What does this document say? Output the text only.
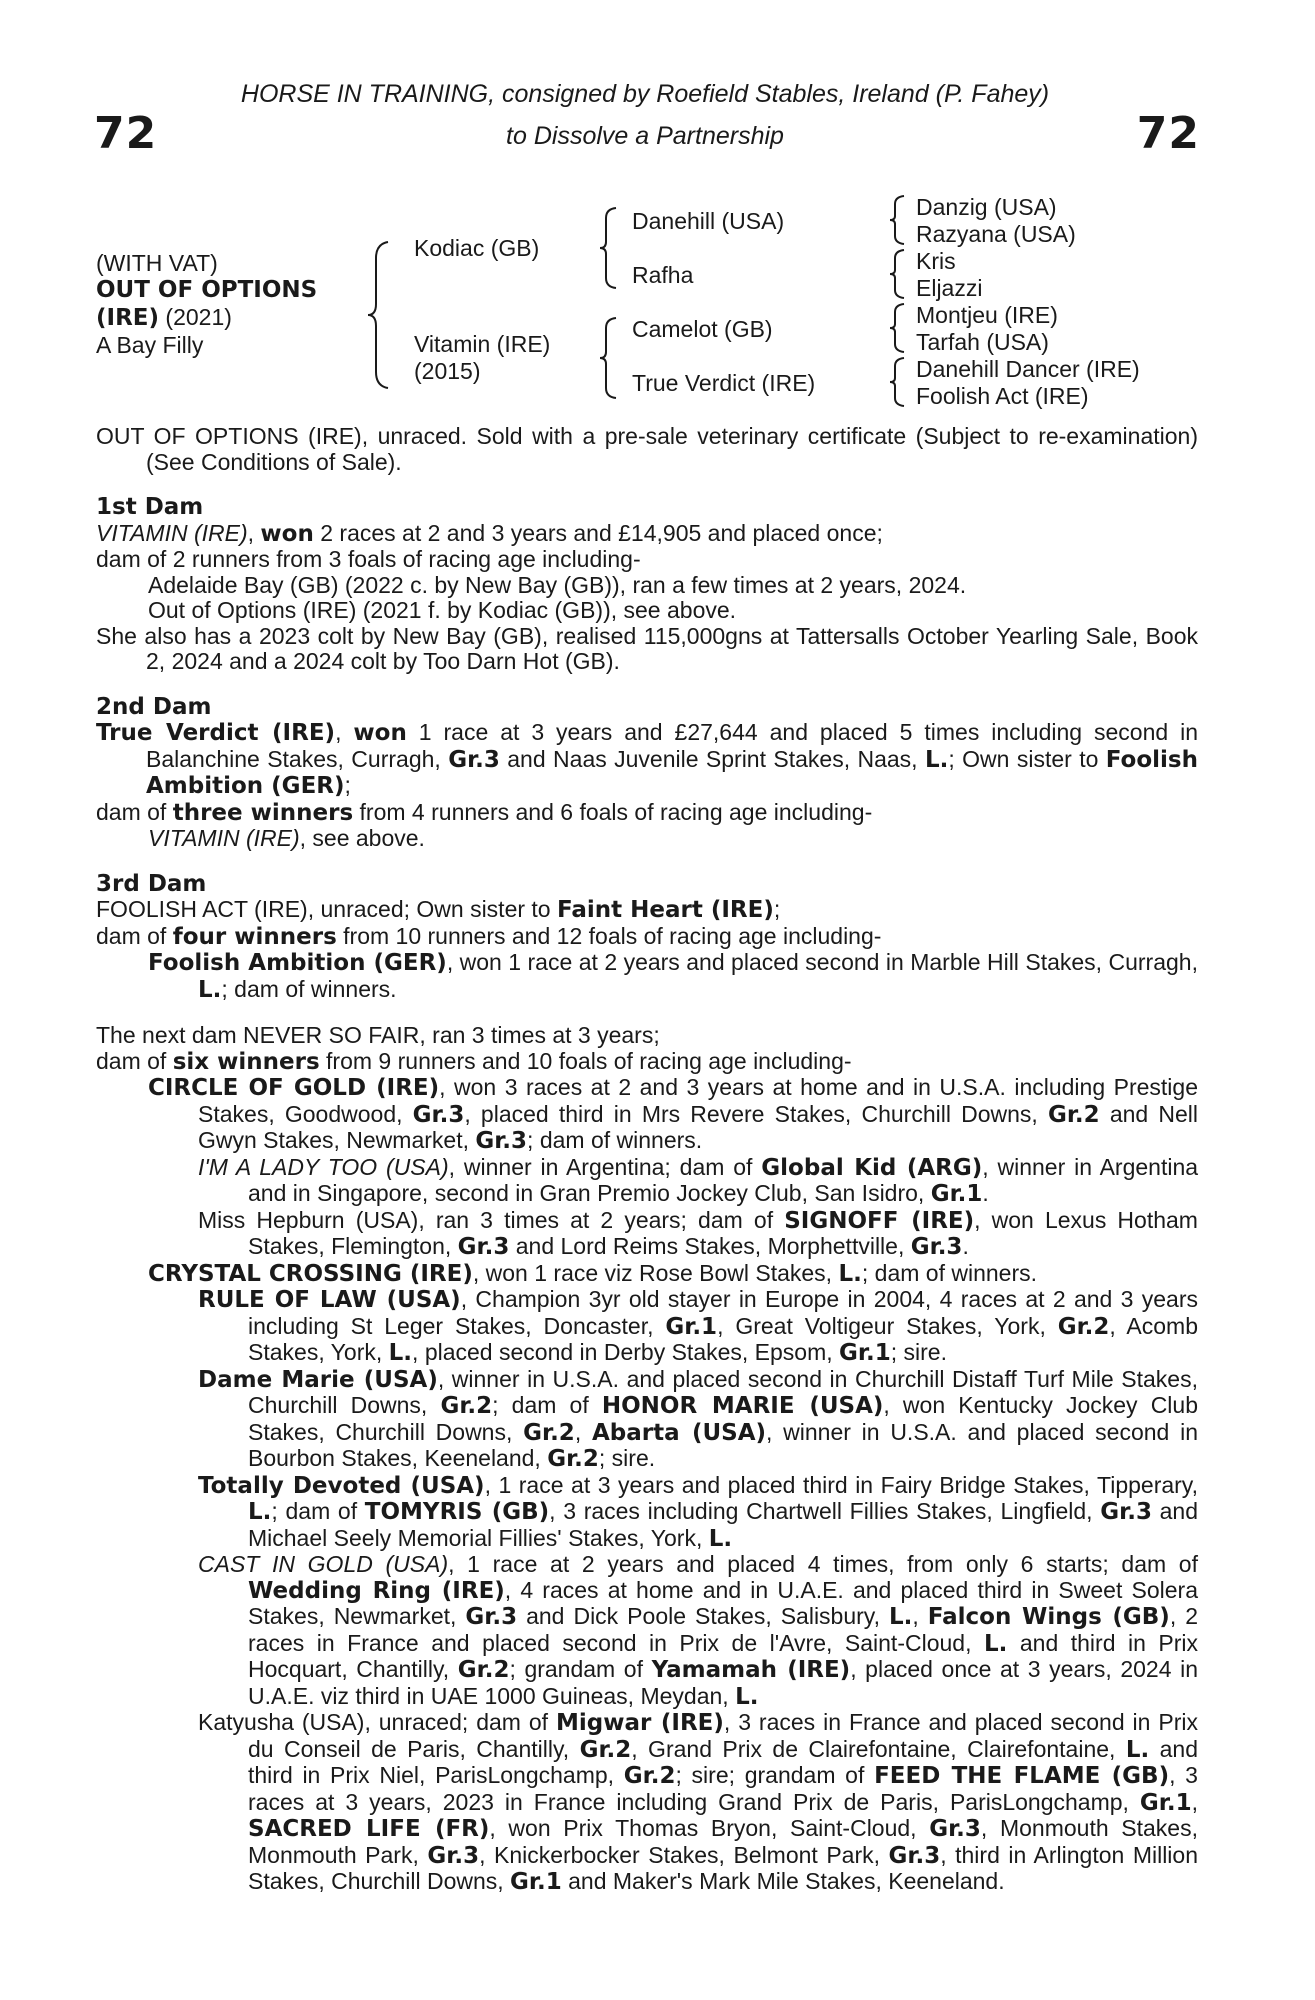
72	72
HORSE IN TRAINING, consigned by Roefield Stables, Ireland (P. Fahey)
to Dissolve a Partnership
(WITH VAT)
OUT OF OPTIONS
(IRE) (2021)
A Bay Filly
Kodiac (GB)
Vitamin (IRE)
(2015)
Danehill (USA)
Rafha
Camelot (GB)
True Verdict (IRE)
Danzig (USA)
Razyana (USA)
Kris
Eljazzi
Montjeu (IRE)
Tarfah (USA)
Danehill Dancer (IRE)
Foolish Act (IRE)

OUT OF OPTIONS (IRE), unraced. Sold with a pre-sale veterinary certificate (Subject to re-examination) (See Conditions of Sale).

1st Dam

VITAMIN (IRE), won 2 races at 2 and 3 years and £14,905 and placed once;

dam of 2 runners from 3 foals of racing age including-

Adelaide Bay (GB) (2022 c. by New Bay (GB)), ran a few times at 2 years, 2024.

Out of Options (IRE) (2021 f. by Kodiac (GB)), see above.

She also has a 2023 colt by New Bay (GB), realised 115,000gns at Tattersalls October Yearling Sale, Book 2, 2024 and a 2024 colt by Too Darn Hot (GB).

2nd Dam

True Verdict (IRE), won 1 race at 3 years and £27,644 and placed 5 times including second in Balanchine Stakes, Curragh, Gr.3 and Naas Juvenile Sprint Stakes, Naas, L.; Own sister to Foolish Ambition (GER);

dam of three winners from 4 runners and 6 foals of racing age including-

VITAMIN (IRE), see above.

3rd Dam

FOOLISH ACT (IRE), unraced; Own sister to Faint Heart (IRE);

dam of four winners from 10 runners and 12 foals of racing age including-

Foolish Ambition (GER), won 1 race at 2 years and placed second in Marble Hill Stakes, Curragh, L.; dam of winners.

The next dam NEVER SO FAIR, ran 3 times at 3 years;

dam of six winners from 9 runners and 10 foals of racing age including-

CIRCLE OF GOLD (IRE), won 3 races at 2 and 3 years at home and in U.S.A. including Prestige Stakes, Goodwood, Gr.3, placed third in Mrs Revere Stakes, Churchill Downs, Gr.2 and Nell Gwyn Stakes, Newmarket, Gr.3; dam of winners.

I'M A LADY TOO (USA), winner in Argentina; dam of Global Kid (ARG), winner in Argentina and in Singapore, second in Gran Premio Jockey Club, San Isidro, Gr.1.

Miss Hepburn (USA), ran 3 times at 2 years; dam of SIGNOFF (IRE), won Lexus Hotham Stakes, Flemington, Gr.3 and Lord Reims Stakes, Morphettville, Gr.3.

CRYSTAL CROSSING (IRE), won 1 race viz Rose Bowl Stakes, L.; dam of winners.

RULE OF LAW (USA), Champion 3yr old stayer in Europe in 2004, 4 races at 2 and 3 years including St Leger Stakes, Doncaster, Gr.1, Great Voltigeur Stakes, York, Gr.2, Acomb Stakes, York, L., placed second in Derby Stakes, Epsom, Gr.1; sire.

Dame Marie (USA), winner in U.S.A. and placed second in Churchill Distaff Turf Mile Stakes, Churchill Downs, Gr.2; dam of HONOR MARIE (USA), won Kentucky Jockey Club Stakes, Churchill Downs, Gr.2, Abarta (USA), winner in U.S.A. and placed second in Bourbon Stakes, Keeneland, Gr.2; sire.

Totally Devoted (USA), 1 race at 3 years and placed third in Fairy Bridge Stakes, Tipperary, L.; dam of TOMYRIS (GB), 3 races including Chartwell Fillies Stakes, Lingfield, Gr.3 and Michael Seely Memorial Fillies' Stakes, York, L.

CAST IN GOLD (USA), 1 race at 2 years and placed 4 times, from only 6 starts; dam of Wedding Ring (IRE), 4 races at home and in U.A.E. and placed third in Sweet Solera Stakes, Newmarket, Gr.3 and Dick Poole Stakes, Salisbury, L., Falcon Wings (GB), 2 races in France and placed second in Prix de l'Avre, Saint-Cloud, L. and third in Prix Hocquart, Chantilly, Gr.2; grandam of Yamamah (IRE), placed once at 3 years, 2024 in U.A.E. viz third in UAE 1000 Guineas, Meydan, L.

Katyusha (USA), unraced; dam of Migwar (IRE), 3 races in France and placed second in Prix du Conseil de Paris, Chantilly, Gr.2, Grand Prix de Clairefontaine, Clairefontaine, L. and third in Prix Niel, ParisLongchamp, Gr.2; sire; grandam of FEED THE FLAME (GB), 3 races at 3 years, 2023 in France including Grand Prix de Paris, ParisLongchamp, Gr.1, SACRED LIFE (FR), won Prix Thomas Bryon, Saint-Cloud, Gr.3, Monmouth Stakes, Monmouth Park, Gr.3, Knickerbocker Stakes, Belmont Park, Gr.3, third in Arlington Million Stakes, Churchill Downs, Gr.1 and Maker's Mark Mile Stakes, Keeneland.
